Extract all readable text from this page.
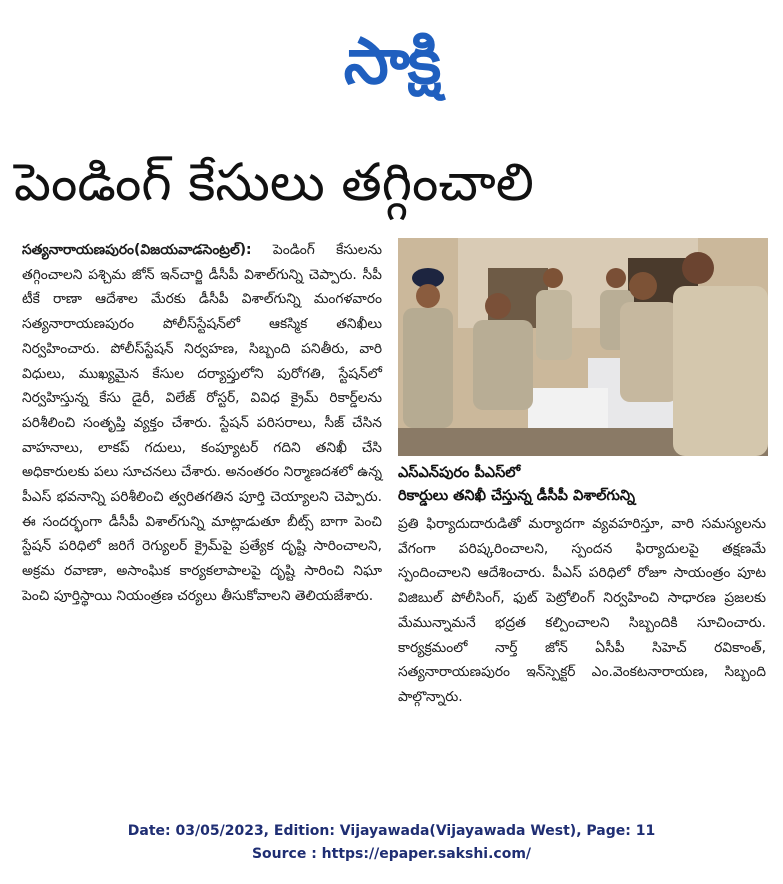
సాక్షి
పెండింగ్ కేసులు తగ్గించాలి
సత్యనారాయణపురం(విజయవాడసెంట్రల్): పెండింగ్ కేసులను తగ్గించాలని పశ్చిమ జోన్ ఇన్‌చార్జి డీసీపీ విశాల్‌గున్ని చెప్పారు. సీపీ టీకే రాణా ఆదేశాల మేరకు డీసీపీ విశాల్‌గున్ని మంగళవారం సత్యనారాయణపురం పోలీస్‌స్టేషన్‌లో ఆకస్మిక తనిఖీలు నిర్వహించారు. పోలీస్‌స్టేషన్ నిర్వహణ, సిబ్బంది పనితీరు, వారి విధులు, ముఖ్యమైన కేసుల దర్యాప్తులోని పురోగతి, స్టేషన్‌లో నిర్వహిస్తున్న కేసు డైరీ, విలేజ్ రోస్టర్, వివిధ క్రైమ్ రికార్డ్‌లను పరిశీలించి సంతృప్తి వ్యక్తం చేశారు. స్టేషన్ పరిసరాలు, సీజ్ చేసిన వాహనాలు, లాకప్ గదులు, కంప్యూటర్ గదిని తనిఖీ చేసి అధికారులకు పలు సూచనలు చేశారు. అనంతరం నిర్మాణదశలో ఉన్న పీఎస్ భవనాన్ని పరిశీలించి త్వరితగతిన పూర్తి చెయ్యాలని చెప్పారు. ఈ సందర్భంగా డీసీపీ విశాల్‌గున్ని మాట్లాడుతూ బీట్స్ బాగా పెంచి స్టేషన్ పరిధిలో జరిగే రెగ్యులర్ క్రైమ్‌పై ప్రత్యేక దృష్టి సారించాలని, అక్రమ రవాణా, అసాంఘిక కార్యకలాపాలపై దృష్టి సారించి నిఘా పెంచి పూర్తిస్థాయి నియంత్రణ చర్యలు తీసుకోవాలని తెలియజేశారు.
ఎస్‌ఎన్‌పురం పీఎస్‌లో
రికార్డులు తనిఖీ చేస్తున్న డీసీపీ విశాల్‌గున్ని
ప్రతి ఫిర్యాదుదారుడితో మర్యాదగా వ్యవహరిస్తూ, వారి సమస్యలను వేగంగా పరిష్కరించాలని, స్పందన ఫిర్యాదులపై తక్షణమే స్పందించాలని ఆదేశించారు. పీఎస్ పరిధిలో రోజూ సాయంత్రం పూట విజిబుల్ పోలీసింగ్, ఫుట్ పెట్రోలింగ్ నిర్వహించి సాధారణ ప్రజలకు మేమున్నామనే భద్రత కల్పించాలని సిబ్బందికి సూచించారు. కార్యక్రమంలో నార్త్ జోన్ ఏసీపీ సిహెచ్ రవికాంత్, సత్యనారాయణపురం ఇన్‌స్పెక్టర్ ఎం.వెంకటనారాయణ, సిబ్బంది పాల్గొన్నారు.
Date: 03/05/2023, Edition: Vijayawada(Vijayawada West), Page: 11
Source : https://epaper.sakshi.com/
